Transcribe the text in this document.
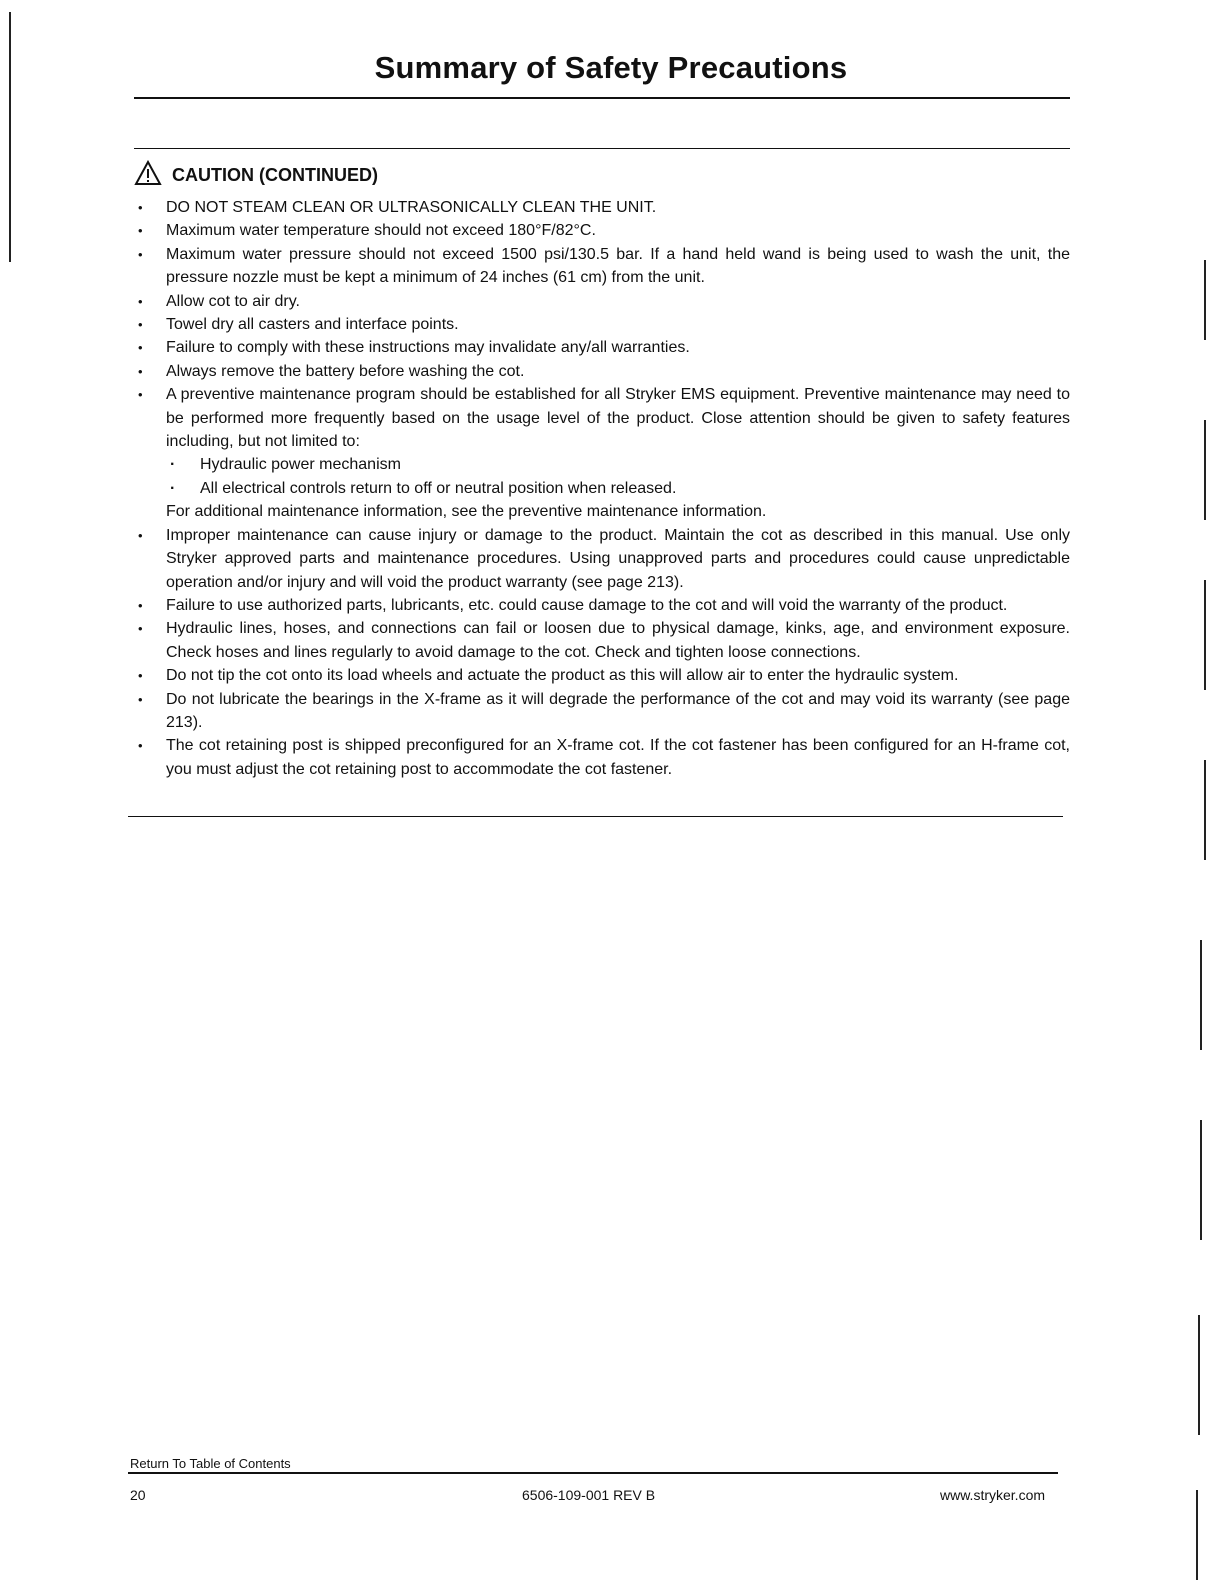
Summary of Safety Precautions
CAUTION (CONTINUED)
• DO NOT STEAM CLEAN OR ULTRASONICALLY CLEAN THE UNIT.
• Maximum water temperature should not exceed 180°F/82°C.
• Maximum water pressure should not exceed 1500 psi/130.5 bar. If a hand held wand is being used to wash the unit, the pressure nozzle must be kept a minimum of 24 inches (61 cm) from the unit.
• Allow cot to air dry.
• Towel dry all casters and interface points.
• Failure to comply with these instructions may invalidate any/all warranties.
• Always remove the battery before washing the cot.
• A preventive maintenance program should be established for all Stryker EMS equipment. Preventive maintenance may need to be performed more frequently based on the usage level of the product. Close attention should be given to safety features including, but not limited to:
· Hydraulic power mechanism
· All electrical controls return to off or neutral position when released.
For additional maintenance information, see the preventive maintenance information.
• Improper maintenance can cause injury or damage to the product. Maintain the cot as described in this manual. Use only Stryker approved parts and maintenance procedures. Using unapproved parts and procedures could cause unpredictable operation and/or injury and will void the product warranty (see page 213).
• Failure to use authorized parts, lubricants, etc. could cause damage to the cot and will void the warranty of the product.
• Hydraulic lines, hoses, and connections can fail or loosen due to physical damage, kinks, age, and environment exposure. Check hoses and lines regularly to avoid damage to the cot. Check and tighten loose connections.
• Do not tip the cot onto its load wheels and actuate the product as this will allow air to enter the hydraulic system.
• Do not lubricate the bearings in the X-frame as it will degrade the performance of the cot and may void its warranty (see page 213).
• The cot retaining post is shipped preconfigured for an X-frame cot. If the cot fastener has been configured for an H-frame cot, you must adjust the cot retaining post to accommodate the cot fastener.
Return To Table of Contents
20	6506-109-001 REV B	www.stryker.com
